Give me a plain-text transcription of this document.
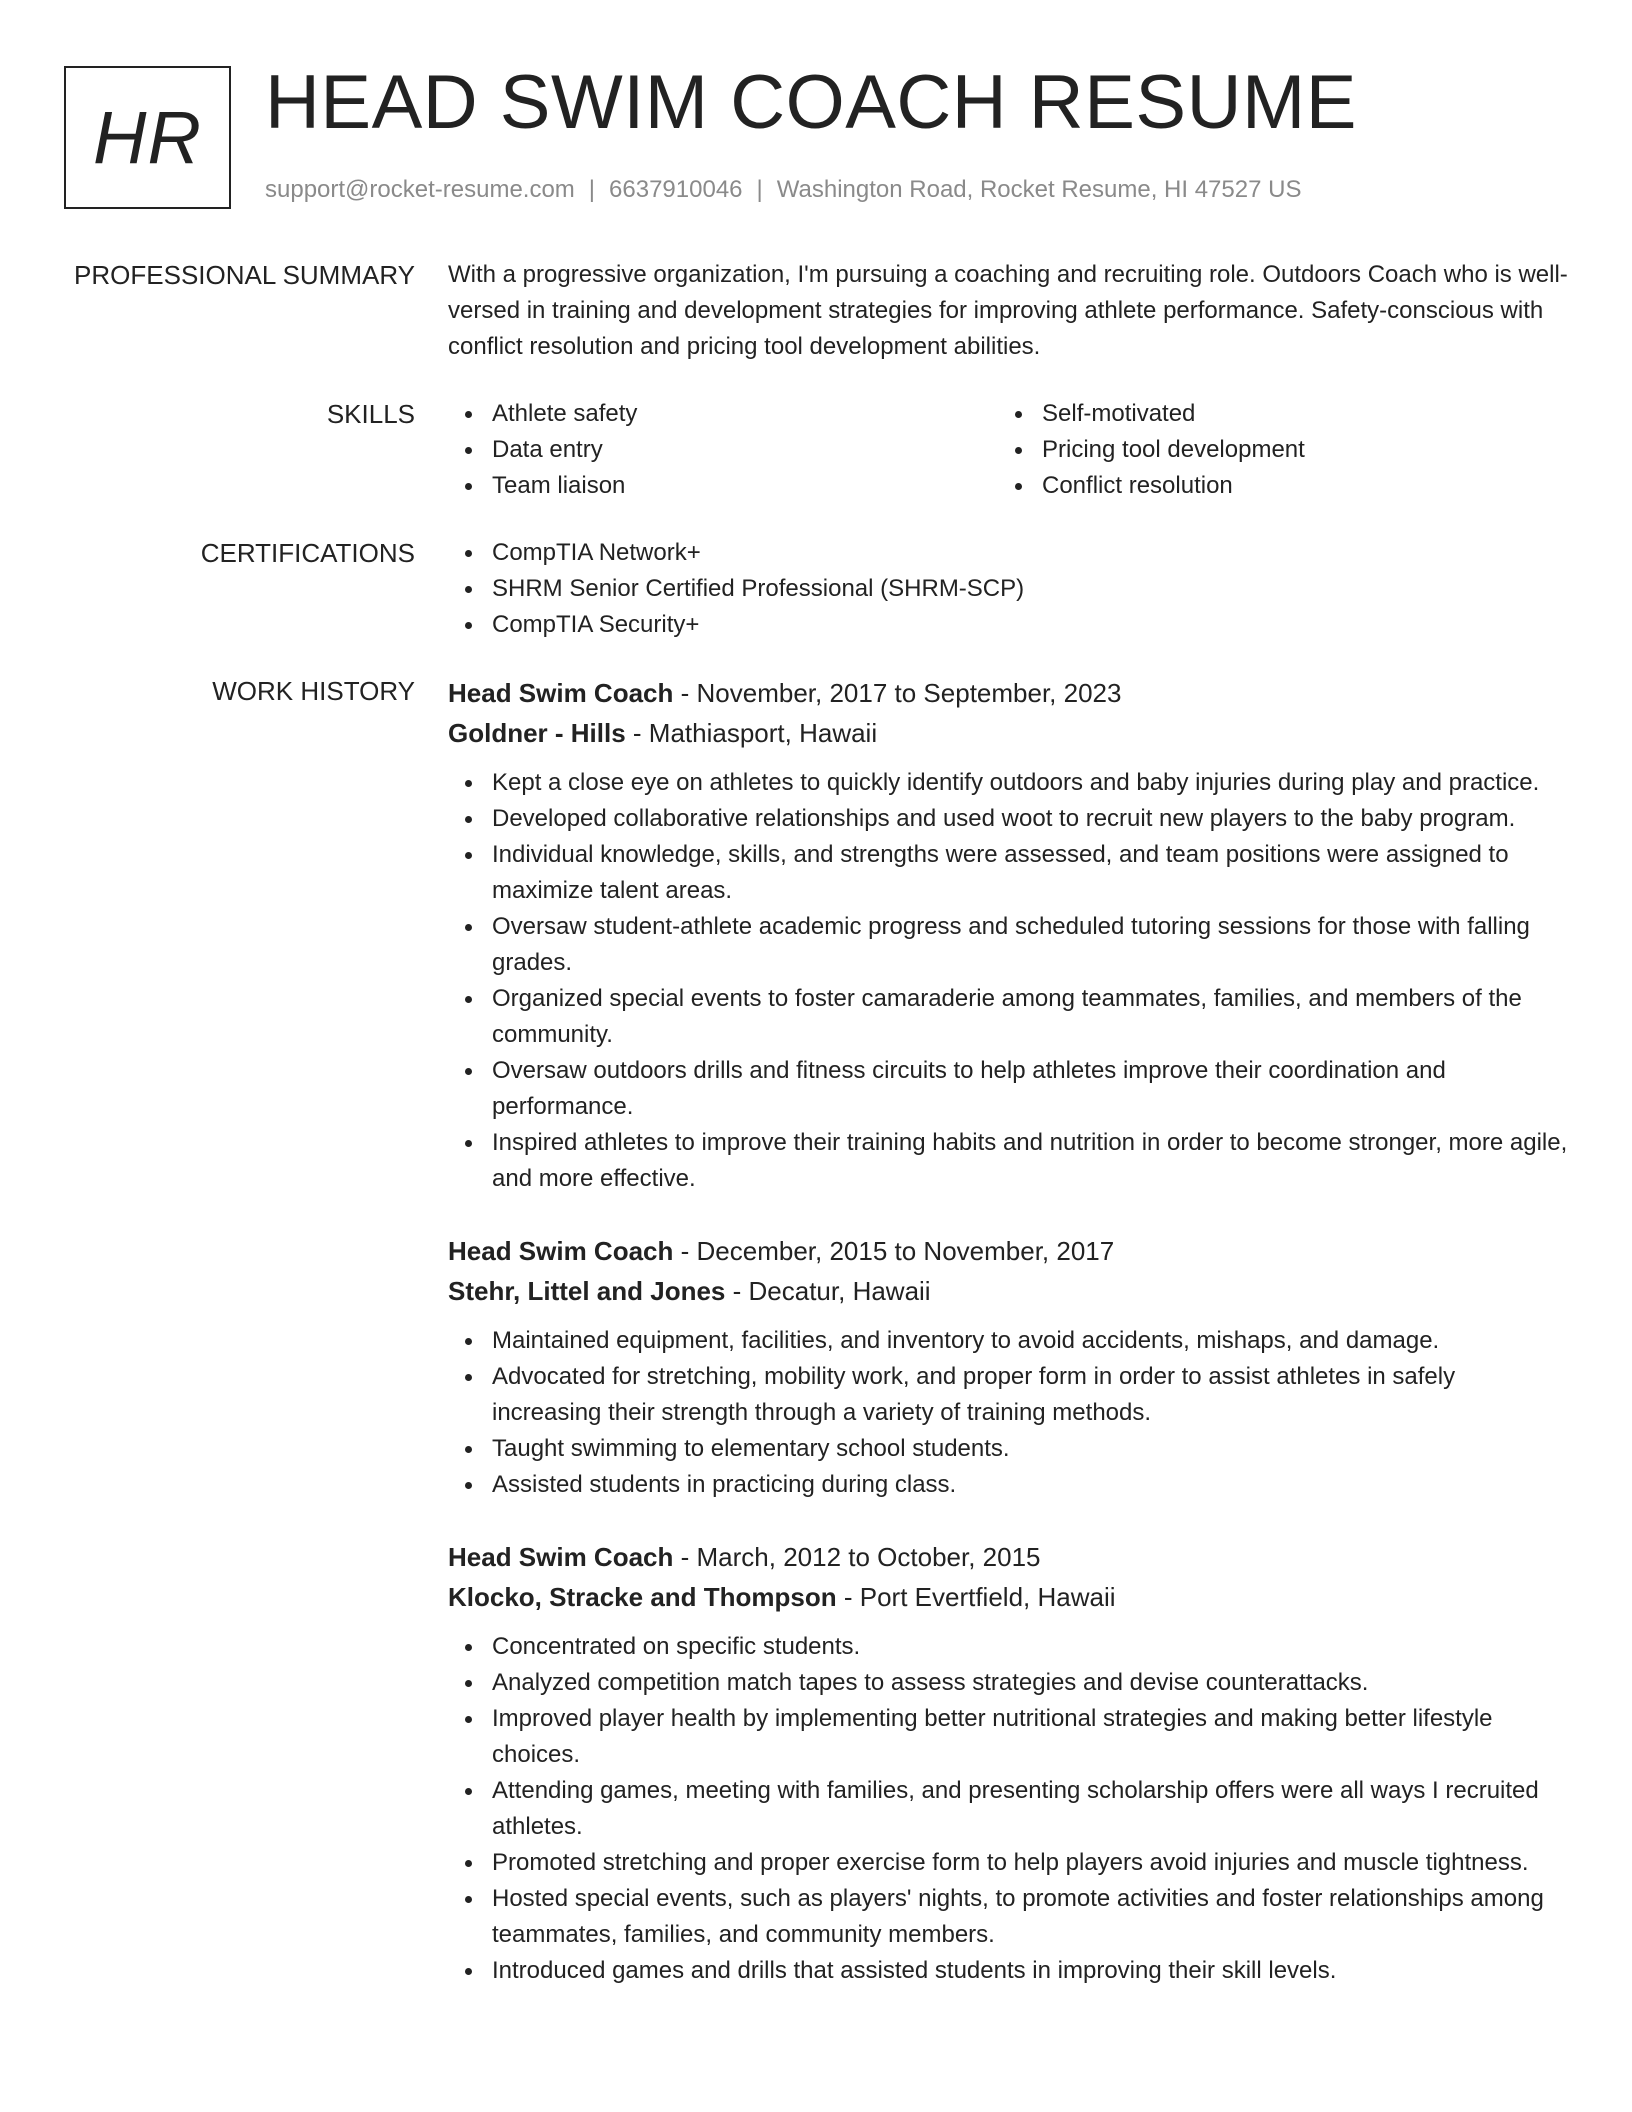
HR HEAD SWIM COACH RESUME
support@rocket-resume.com | 6637910046 | Washington Road, Rocket Resume, HI 47527 US
PROFESSIONAL SUMMARY With a progressive organization, I'm pursuing a coaching and recruiting role. Outdoors Coach who is well-versed in training and development strategies for improving athlete performance. Safety-conscious with conflict resolution and pricing tool development abilities.
SKILLS	Athlete safety
Data entry
Team liaison
Self-motivated
Pricing tool development
Conflict resolution
CERTIFICATIONS	CompTIA Network+
SHRM Senior Certified Professional (SHRM-SCP)
CompTIA Security+
WORK HISTORY Head Swim Coach - November, 2017 to September, 2023
Goldner - Hills - Mathiasport, Hawaii
Kept a close eye on athletes to quickly identify outdoors and baby injuries during play and practice.
Developed collaborative relationships and used woot to recruit new players to the baby program.
Individual knowledge, skills, and strengths were assessed, and team positions were assigned to maximize talent areas.
Oversaw student-athlete academic progress and scheduled tutoring sessions for those with falling grades.
Organized special events to foster camaraderie among teammates, families, and members of the community.
Oversaw outdoors drills and fitness circuits to help athletes improve their coordination and performance.
Inspired athletes to improve their training habits and nutrition in order to become stronger, more agile, and more effective.
Head Swim Coach - December, 2015 to November, 2017
Stehr, Littel and Jones - Decatur, Hawaii
Maintained equipment, facilities, and inventory to avoid accidents, mishaps, and damage.
Advocated for stretching, mobility work, and proper form in order to assist athletes in safely increasing their strength through a variety of training methods.
Taught swimming to elementary school students.
Assisted students in practicing during class.
Head Swim Coach - March, 2012 to October, 2015
Klocko, Stracke and Thompson - Port Evertfield, Hawaii
Concentrated on specific students.
Analyzed competition match tapes to assess strategies and devise counterattacks.
Improved player health by implementing better nutritional strategies and making better lifestyle choices.
Attending games, meeting with families, and presenting scholarship offers were all ways I recruited athletes.
Promoted stretching and proper exercise form to help players avoid injuries and muscle tightness.
Hosted special events, such as players' nights, to promote activities and foster relationships among teammates, families, and community members.
Introduced games and drills that assisted students in improving their skill levels.
